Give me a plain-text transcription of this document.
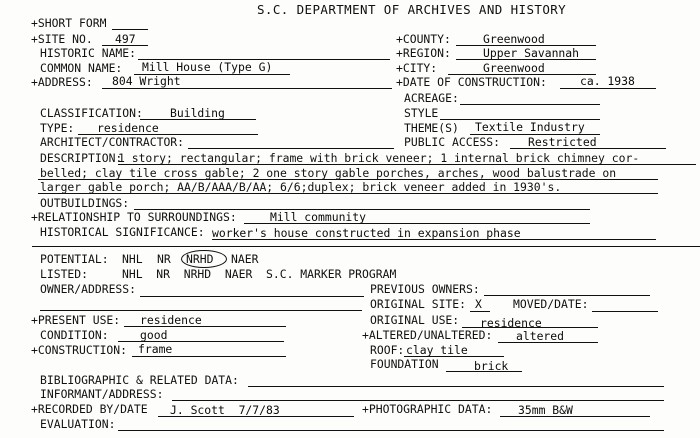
S.C. DEPARTMENT OF ARCHIVES AND HISTORY
+SHORT FORM
+SITE NO. 497	+COUNTY:	Greenwood
HISTORIC NAME:	+REGION:	Upper Savannah
COMMON NAME: Mill House (Type G)	+CITY:	Greenwood
+ADDRESS: 804 Wright	+DATE OF CONSTRUCTION:	ca. 1938
ACREAGE:
CLASSIFICATION: Building	STYLE
TYPE: residence	THEME(S) Textile Industry
ARCHITECT/CONTRACTOR:	PUBLIC ACCESS: Restricted
DESCRIPTION:
1 story; rectangular; frame with brick veneer; 1 internal brick chimney cor-
belled; clay tile cross gable; 2 one story gable porches, arches, wood balustrade on
larger gable porch; AA/B/AAA/B/AA; 6/6;duplex; brick veneer added in 1930's.
OUTBUILDINGS:
+RELATIONSHIP TO SURROUNDINGS:	Mill community
HISTORICAL SIGNIFICANCE: worker's house constructed in expansion phase
POTENTIAL: NHL NR NRHD NAER
LISTED:	NHL  NR  NRHD  NAER  S.C. MARKER PROGRAM
OWNER/ADDRESS:	PREVIOUS OWNERS:
ORIGINAL SITE: X	MOVED/DATE:
+PRESENT USE: residence	ORIGINAL USE: residence
CONDITION:	good	+ALTERED/UNALTERED: altered
+CONSTRUCTION: frame	ROOF: clay tile
FOUNDATION	brick
BIBLIOGRAPHIC & RELATED DATA:
INFORMANT/ADDRESS:
+RECORDED BY/DATE J. Scott  7/7/83	+PHOTOGRAPHIC DATA: 35mm B&W
EVALUATION:
